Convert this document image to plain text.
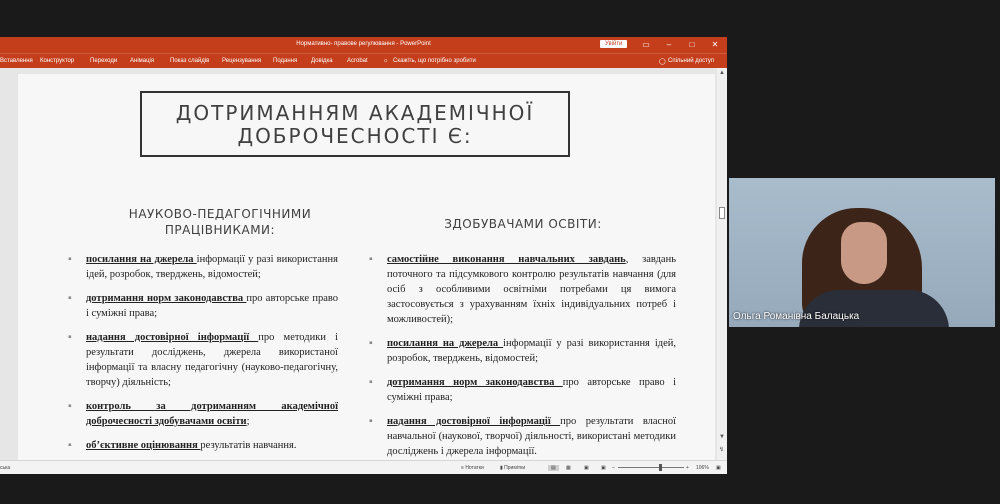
Нормативно- правове регулювання - PowerPoint	Увійти	▭	–	□	✕
Вставлення Конструктор	Переходи Анімація	Показ слайдів Рецензування Подання Довідка Acrobat	☼ Скажіть, що потрібно зробити	◯ Спільний доступ
ДОТРИМАННЯМ АКАДЕМІЧНОЇ
ДОБРОЧЕСНОСТІ Є:
НАУКОВО-ПЕДАГОГІЧНИМИ
ПРАЦІВНИКАМИ:	ЗДОБУВАЧАМИ ОСВІТИ:
▪ посилання на джерела інформації у разі використання ідей, розробок, тверджень, відомостей;
▪ дотримання норм законодавства про авторське право і суміжні права;
▪ надання достовірної інформації про методики і результати досліджень, джерела використаної інформації та власну педагогічну (науково-педагогічну, творчу) діяльність;
▪ контроль за дотриманням академічної доброчесності здобувачами освіти;
▪ об’єктивне оцінювання результатів навчання.
▪ самостійне виконання навчальних завдань, завдань поточного та підсумкового контролю результатів навчання (для осіб з особливими освітніми потребами ця вимога застосовується з урахуванням їхніх індивідуальних потреб і можливостей);
▪ посилання на джерела інформації у разі використання ідей, розробок, тверджень, відомостей;
▪ дотримання норм законодавства про авторське право і суміжні права;
▪ надання достовірної інформації про результати власної навчальної (наукової, творчої) діяльності, використані методики досліджень і джерела інформації.
▲
▼
↯
ська	≡ Нотатки	▮ Примітки	▤	▦	▣ ▣ –	+ 106% ▣
Ольга Романівна Балацька
